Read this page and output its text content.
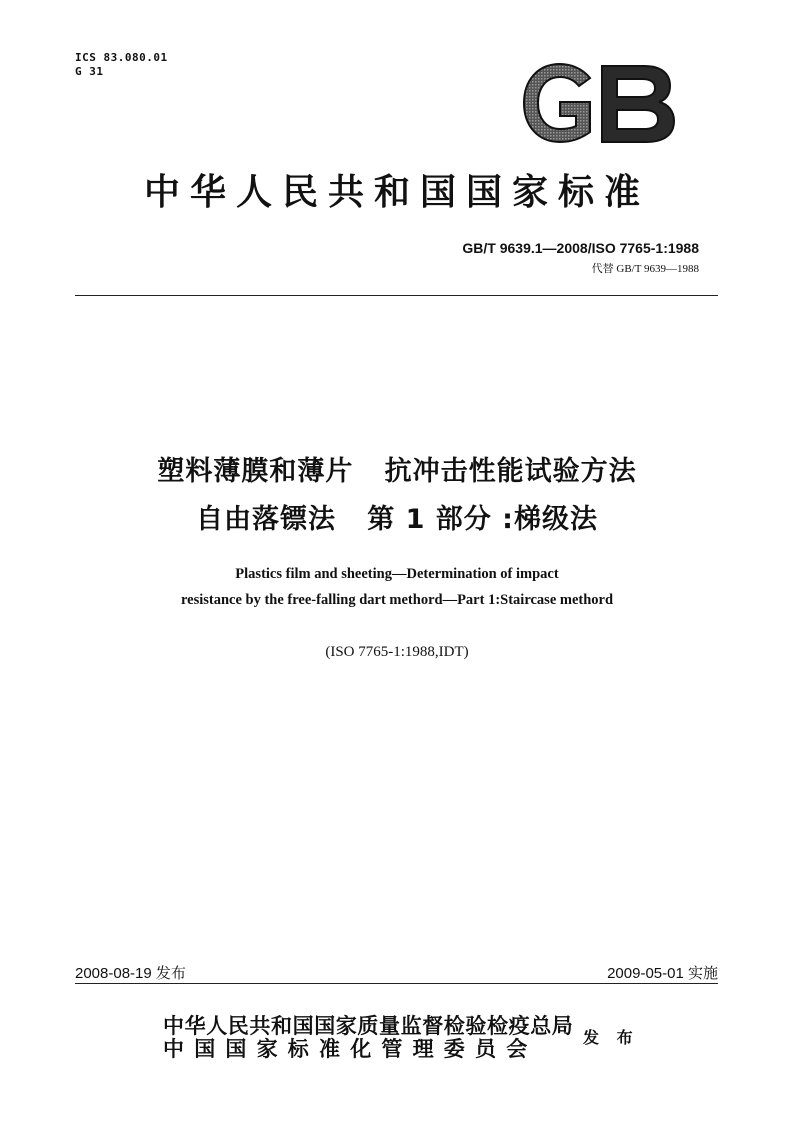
ICS 83.080.01
G 31
中华人民共和国国家标准
GB/T 9639.1—2008/ISO 7765-1:1988
代替 GB/T 9639—1988
塑料薄膜和薄片   抗冲击性能试验方法
自由落镖法   第 1 部分 :梯级法
Plastics film and sheeting—Determination of impact
resistance by the free-falling dart methord—Part 1:Staircase methord
(ISO 7765-1:1988,IDT)
2008-08-19 发布	2009-05-01 实施
中华人民共和国国家质量监督检验检疫总局
中国国家标准化管理委员会	发 布
